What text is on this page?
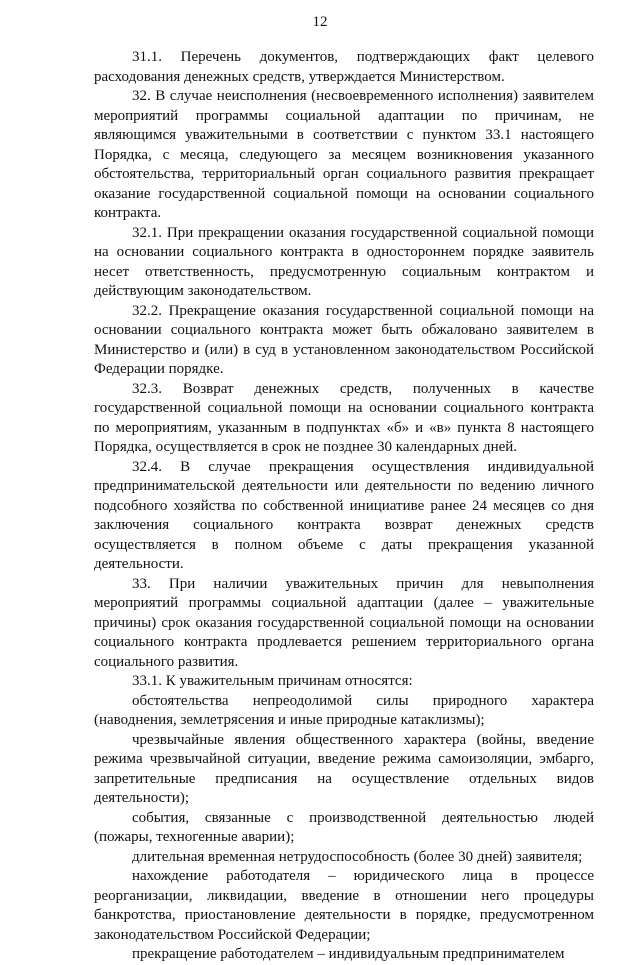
12

31.1. Перечень документов, подтверждающих факт целевого расходования денежных средств, утверждается Министерством.

32. В случае неисполнения (несвоевременного исполнения) заявителем мероприятий программы социальной адаптации по причинам, не являющимся уважительными в соответствии с пунктом 33.1 настоящего Порядка, с месяца, следующего за месяцем возникновения указанного обстоятельства, территориальный орган социального развития прекращает оказание государственной социальной помощи на основании социального контракта.

32.1. При прекращении оказания государственной социальной помощи на основании социального контракта в одностороннем порядке заявитель несет ответственность, предусмотренную социальным контрактом и действующим законодательством.

32.2. Прекращение оказания государственной социальной помощи на основании социального контракта может быть обжаловано заявителем в Министерство и (или) в суд в установленном законодательством Российской Федерации порядке.

32.3. Возврат денежных средств, полученных в качестве государственной социальной помощи на основании социального контракта по мероприятиям, указанным в подпунктах «б» и «в» пункта 8 настоящего Порядка, осуществляется в срок не позднее 30 календарных дней.

32.4. В случае прекращения осуществления индивидуальной предпринимательской деятельности или деятельности по ведению личного подсобного хозяйства по собственной инициативе ранее 24 месяцев со дня заключения социального контракта возврат денежных средств осуществляется в полном объеме с даты прекращения указанной деятельности.

33. При наличии уважительных причин для невыполнения мероприятий программы социальной адаптации (далее – уважительные причины) срок оказания государственной социальной помощи на основании социального контракта продлевается решением территориального органа социального развития.

33.1. К уважительным причинам относятся:

обстоятельства непреодолимой силы природного характера (наводнения, землетрясения и иные природные катаклизмы);

чрезвычайные явления общественного характера (войны, введение режима чрезвычайной ситуации, введение режима самоизоляции, эмбарго, запретительные предписания на осуществление отдельных видов деятельности);

события, связанные с производственной деятельностью людей (пожары, техногенные аварии);

длительная временная нетрудоспособность (более 30 дней) заявителя;

нахождение работодателя – юридического лица в процессе реорганизации, ликвидации, введение в отношении него процедуры банкротства, приостановление деятельности в порядке, предусмотренном законодательством Российской Федерации;

прекращение работодателем – индивидуальным предпринимателем
